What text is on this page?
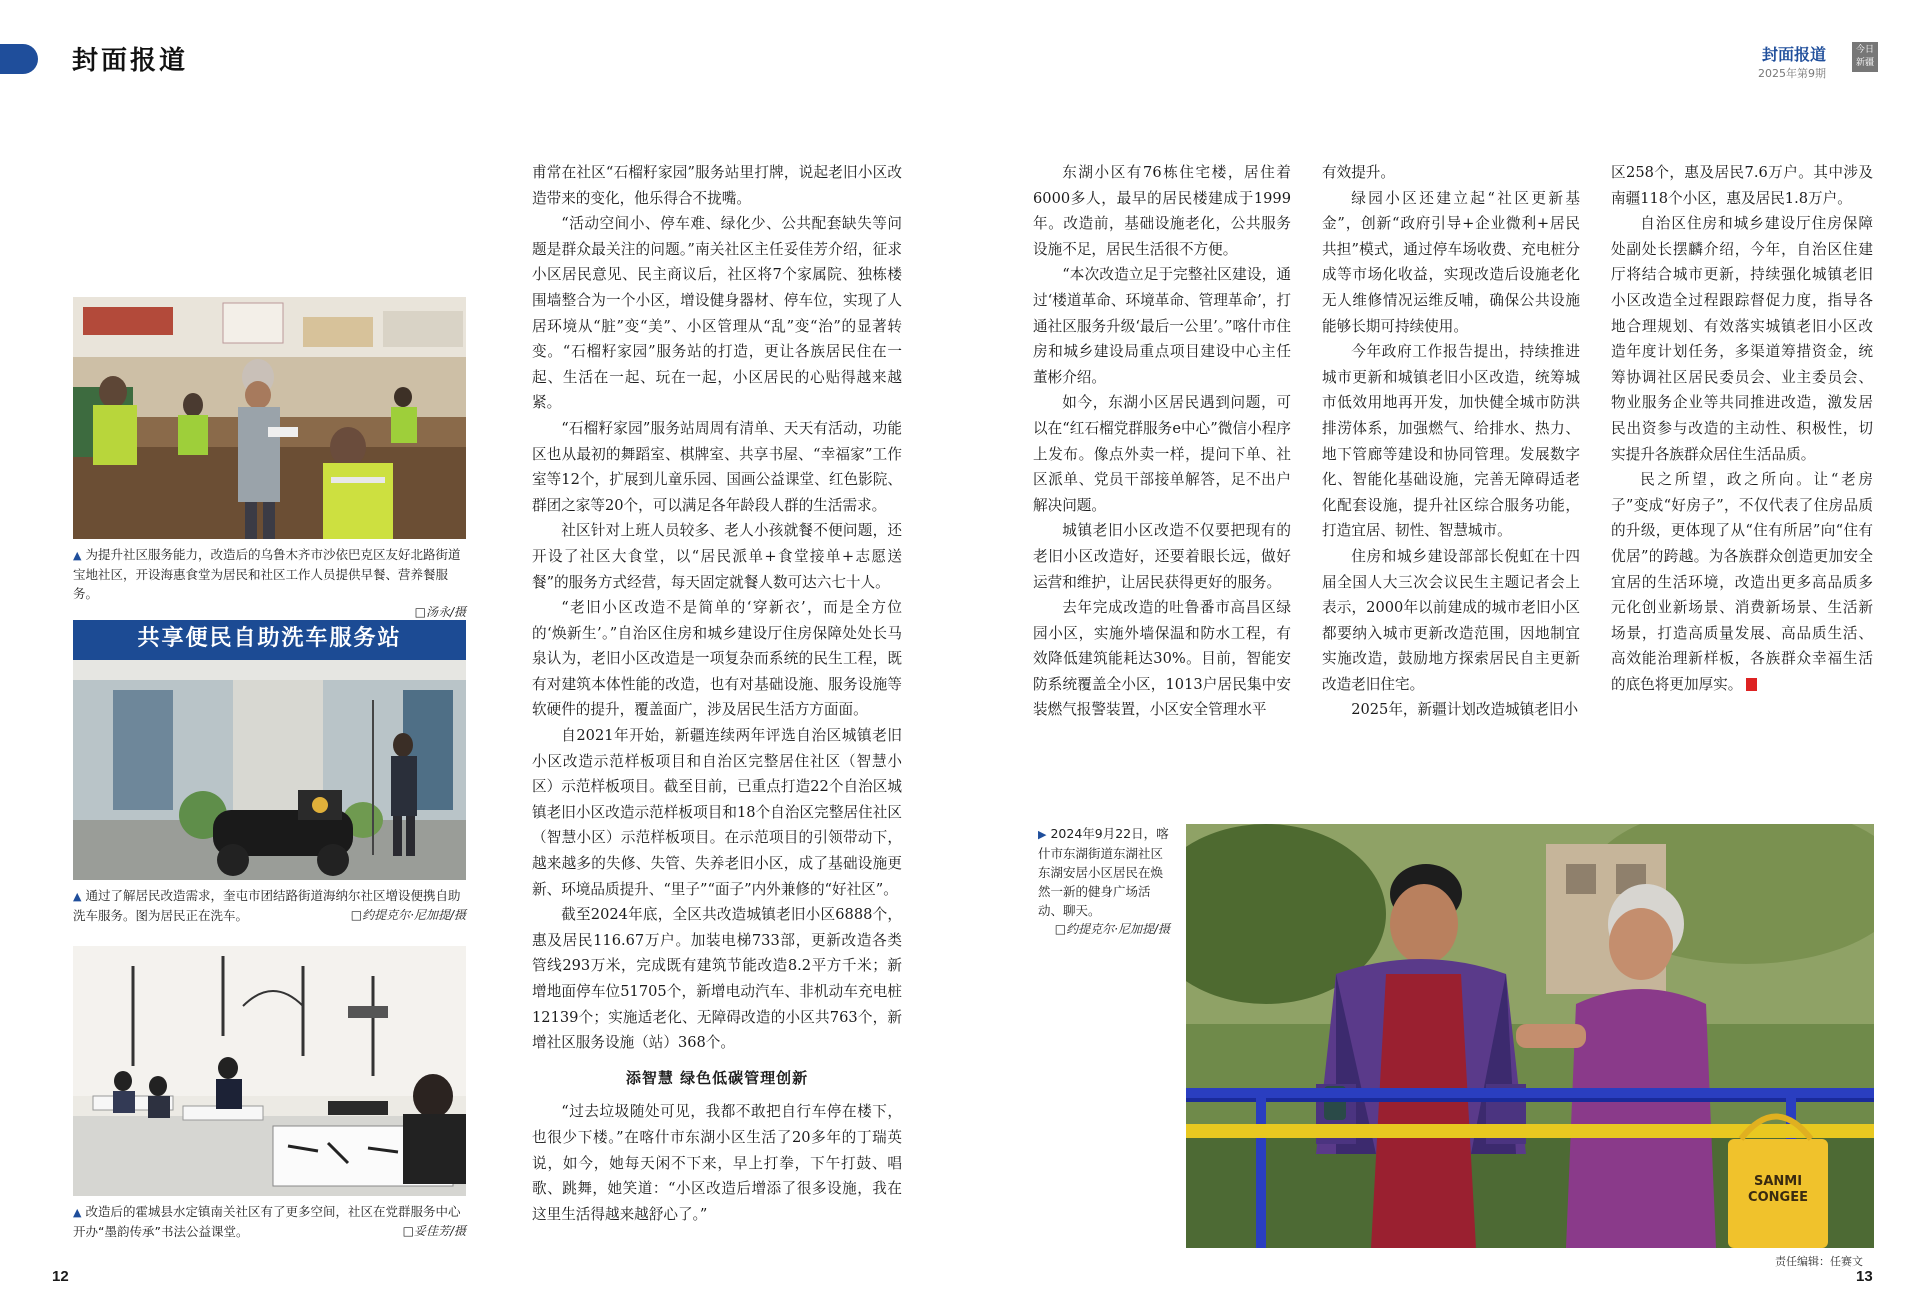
封面报道	封面报道
2025年第9期
今日新疆
▲ 为提升社区服务能力，改造后的乌鲁木齐市沙依巴克区友好北路街道宝地社区，开设海惠食堂为居民和社区工作人员提供早餐、营养餐服务。
□汤永/摄
共享便民自助洗车服务站
▲ 通过了解居民改造需求，奎屯市团结路街道海纳尔社区增设便携自助洗车服务。图为居民正在洗车。	□约提克尔·尼加提/摄
▲ 改造后的霍城县水定镇南关社区有了更多空间，社区在党群服务中心开办“墨韵传承”书法公益课堂。	□妥佳芳/摄

甫常在社区“石榴籽家园”服务站里打牌，说起老旧小区改造带来的变化，他乐得合不拢嘴。

“活动空间小、停车难、绿化少、公共配套缺失等问题是群众最关注的问题。”南关社区主任妥佳芳介绍，征求小区居民意见、民主商议后，社区将7个家属院、独栋楼围墙整合为一个小区，增设健身器材、停车位，实现了人居环境从“脏”变“美”、小区管理从“乱”变“治”的显著转变。“石榴籽家园”服务站的打造，更让各族居民住在一起、生活在一起、玩在一起，小区居民的心贴得越来越紧。

“石榴籽家园”服务站周周有清单、天天有活动，功能区也从最初的舞蹈室、棋牌室、共享书屋、“幸福家”工作室等12个，扩展到儿童乐园、国画公益课堂、红色影院、群团之家等20个，可以满足各年龄段人群的生活需求。

社区针对上班人员较多、老人小孩就餐不便问题，还开设了社区大食堂，以“居民派单+食堂接单+志愿送餐”的服务方式经营，每天固定就餐人数可达六七十人。

“老旧小区改造不是简单的‘穿新衣’，而是全方位的‘焕新生’。”自治区住房和城乡建设厅住房保障处处长马泉认为，老旧小区改造是一项复杂而系统的民生工程，既有对建筑本体性能的改造，也有对基础设施、服务设施等软硬件的提升，覆盖面广，涉及居民生活方方面面。

自2021年开始，新疆连续两年评选自治区城镇老旧小区改造示范样板项目和自治区完整居住社区（智慧小区）示范样板项目。截至目前，已重点打造22个自治区城镇老旧小区改造示范样板项目和18个自治区完整居住社区（智慧小区）示范样板项目。在示范项目的引领带动下，越来越多的失修、失管、失养老旧小区，成了基础设施更新、环境品质提升、“里子”“面子”内外兼修的“好社区”。

截至2024年底，全区共改造城镇老旧小区6888个，惠及居民116.67万户。加装电梯733部，更新改造各类管线293万米，完成既有建筑节能改造8.2平方千米；新增地面停车位51705个，新增电动汽车、非机动车充电桩12139个；实施适老化、无障碍改造的小区共763个，新增社区服务设施（站）368个。

添智慧 绿色低碳管理创新

“过去垃圾随处可见，我都不敢把自行车停在楼下，也很少下楼。”在喀什市东湖小区生活了20多年的丁瑞英说，如今，她每天闲不下来，早上打拳，下午打鼓、唱歌、跳舞，她笑道：“小区改造后增添了很多设施，我在这里生活得越来越舒心了。”

东湖小区有76栋住宅楼，居住着6000多人，最早的居民楼建成于1999年。改造前，基础设施老化，公共服务设施不足，居民生活很不方便。

“本次改造立足于完整社区建设，通过‘楼道革命、环境革命、管理革命’，打通社区服务升级‘最后一公里’。”喀什市住房和城乡建设局重点项目建设中心主任董彬介绍。

如今，东湖小区居民遇到问题，可以在“红石榴党群服务e中心”微信小程序上发布。像点外卖一样，提问下单、社区派单、党员干部接单解答，足不出户解决问题。

城镇老旧小区改造不仅要把现有的老旧小区改造好，还要着眼长远，做好运营和维护，让居民获得更好的服务。

去年完成改造的吐鲁番市高昌区绿园小区，实施外墙保温和防水工程，有效降低建筑能耗达30%。目前，智能安防系统覆盖全小区，1013户居民集中安装燃气报警装置，小区安全管理水平

有效提升。

绿园小区还建立起“社区更新基金”，创新“政府引导+企业微利+居民共担”模式，通过停车场收费、充电桩分成等市场化收益，实现改造后设施老化无人维修情况运维反哺，确保公共设施能够长期可持续使用。

今年政府工作报告提出，持续推进城市更新和城镇老旧小区改造，统筹城市低效用地再开发，加快健全城市防洪排涝体系，加强燃气、给排水、热力、地下管廊等建设和协同管理。发展数字化、智能化基础设施，完善无障碍适老化配套设施，提升社区综合服务功能，打造宜居、韧性、智慧城市。

住房和城乡建设部部长倪虹在十四届全国人大三次会议民生主题记者会上表示，2000年以前建成的城市老旧小区都要纳入城市更新改造范围，因地制宜实施改造，鼓励地方探索居民自主更新改造老旧住宅。

2025年，新疆计划改造城镇老旧小

区258个，惠及居民7.6万户。其中涉及南疆118个小区，惠及居民1.8万户。

自治区住房和城乡建设厅住房保障处副处长摆麟介绍，今年，自治区住建厅将结合城市更新，持续强化城镇老旧小区改造全过程跟踪督促力度，指导各地合理规划、有效落实城镇老旧小区改造年度计划任务，多渠道筹措资金，统筹协调社区居民委员会、业主委员会、物业服务企业等共同推进改造，激发居民出资参与改造的主动性、积极性，切实提升各族群众居住生活品质。

民之所望，政之所向。让“老房子”变成“好房子”，不仅代表了住房品质的升级，更体现了从“住有所居”向“住有优居”的跨越。为各族群众创造更加安全宜居的生活环境，改造出更多高品质多元化创业新场景、消费新场景、生活新场景，打造高质量发展、高品质生活、高效能治理新样板，各族群众幸福生活的底色将更加厚实。

▶ 2024年9月22日，喀什市东湖街道东湖社区东湖安居小区居民在焕然一新的健身广场活动、聊天。
□约提克尔·尼加提/摄
SANMI CONGEE
12	13
责任编辑：任赛文
